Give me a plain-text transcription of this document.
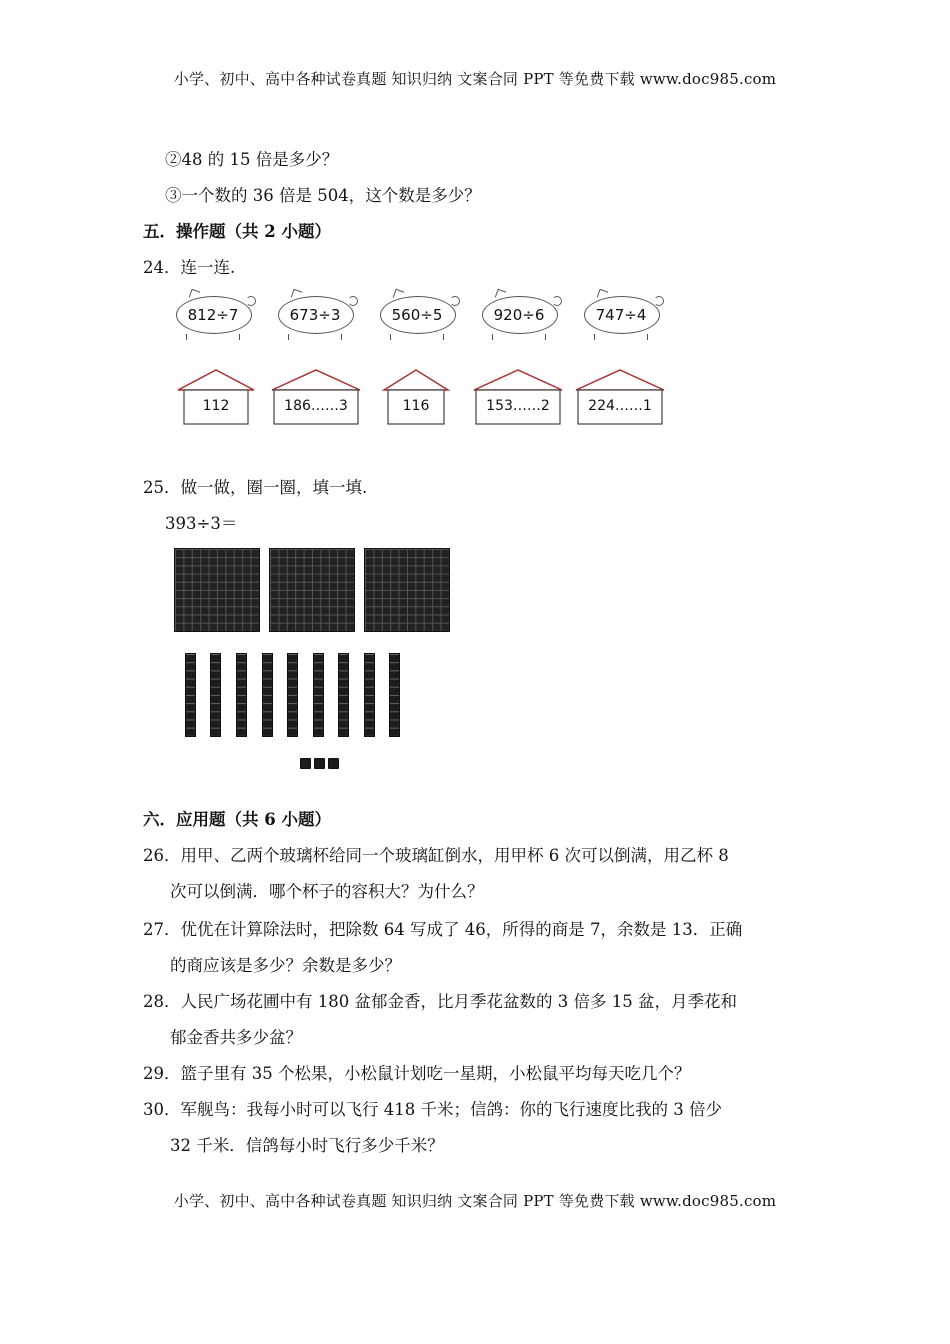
小学、初中、高中各种试卷真题 知识归纳 文案合同 PPT 等免费下载 www.doc985.com
②48 的 15 倍是多少？
③一个数的 36 倍是 504，这个数是多少？
五．操作题（共 2 小题）
24．连一连.
812÷7	673÷3	560÷5	920÷6	747÷4
112	186……3	116	153……2	224……1
25．做一做，圈一圈，填一填.
393÷3＝
六．应用题（共 6 小题）
26．用甲、乙两个玻璃杯给同一个玻璃缸倒水，用甲杯 6 次可以倒满，用乙杯 8
次可以倒满．哪个杯子的容积大？为什么？
27．优优在计算除法时，把除数 64 写成了 46，所得的商是 7，余数是 13．正确
的商应该是多少？余数是多少？
28．人民广场花圃中有 180 盆郁金香，比月季花盆数的 3 倍多 15 盆，月季花和
郁金香共多少盆？
29．篮子里有 35 个松果，小松鼠计划吃一星期，小松鼠平均每天吃几个？
30．军舰鸟：我每小时可以飞行 418 千米；信鸽：你的飞行速度比我的 3 倍少
32 千米．信鸽每小时飞行多少千米？
小学、初中、高中各种试卷真题 知识归纳 文案合同 PPT 等免费下载 www.doc985.com
